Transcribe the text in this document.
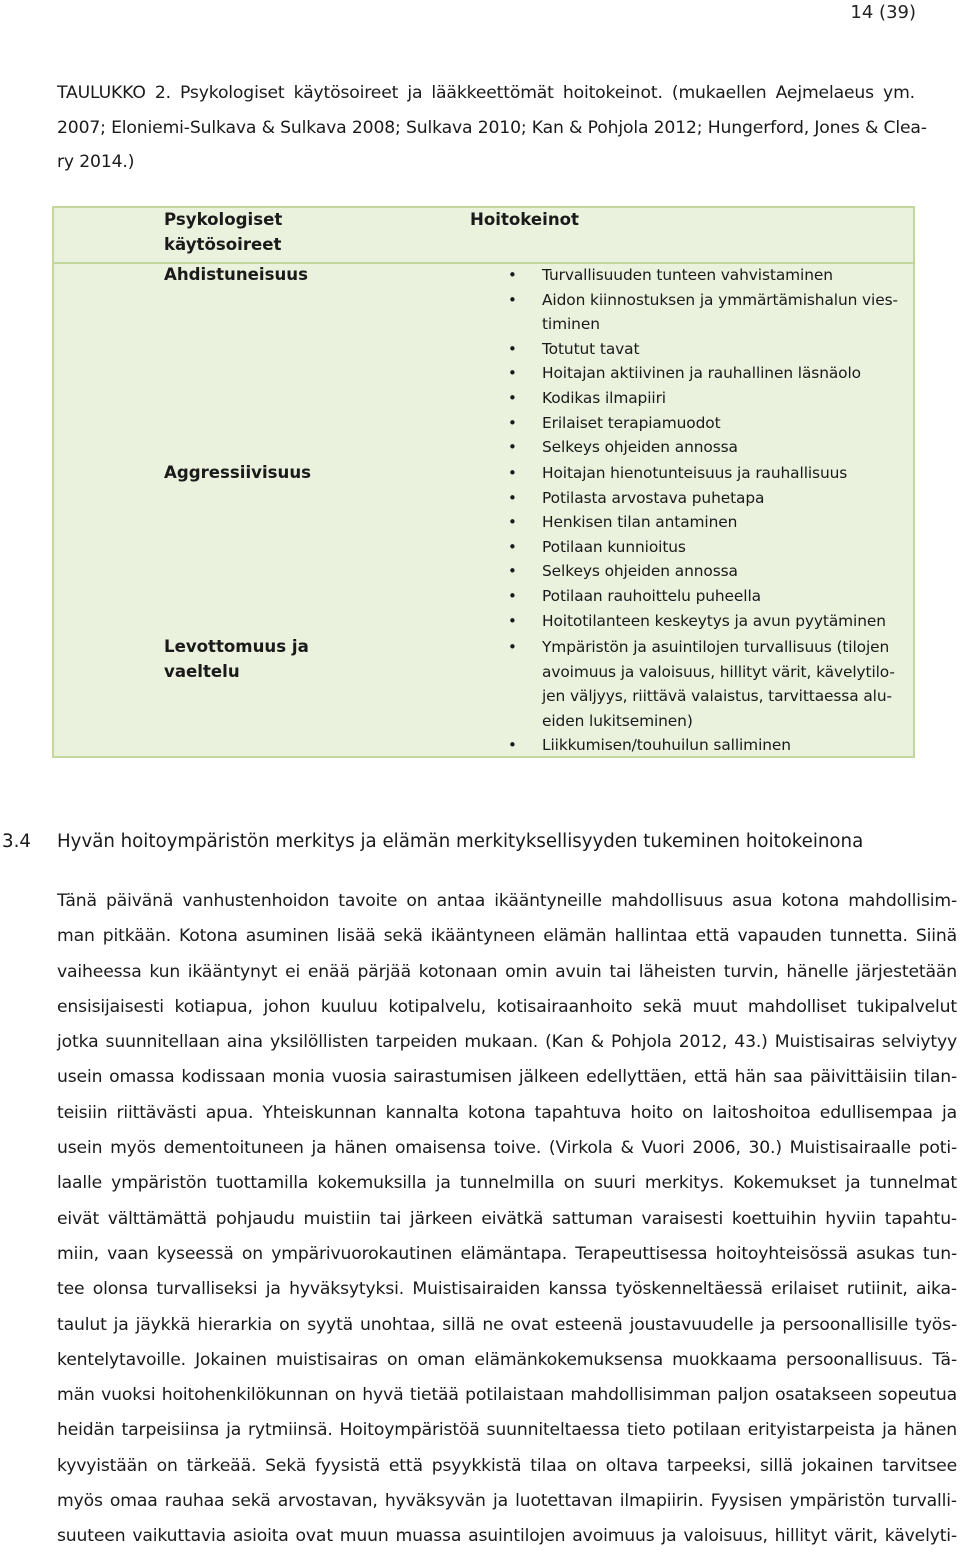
14 (39)
TAULUKKO 2. Psykologiset käytösoireet ja lääkkeettömät hoitokeinot. (mukaellen Aejmelaeus ym.
2007; Eloniemi-Sulkava & Sulkava 2008; Sulkava 2010; Kan & Pohjola 2012; Hungerford, Jones & Clea-
ry 2014.)
Psykologiset käytösoireet
Hoitokeinot
Ahdistuneisuus	• Turvallisuuden tunteen vahvistaminen
• Aidon kiinnostuksen ja ymmärtämishalun vies-timinen
• Totutut tavat
• Hoitajan aktiivinen ja rauhallinen läsnäolo
• Kodikas ilmapiiri
• Erilaiset terapiamuodot
• Selkeys ohjeiden annossa
Aggressiivisuus	• Hoitajan hienotunteisuus ja rauhallisuus
• Potilasta arvostava puhetapa
• Henkisen tilan antaminen
• Potilaan kunnioitus
• Selkeys ohjeiden annossa
• Potilaan rauhoittelu puheella
• Hoitotilanteen keskeytys ja avun pyytäminen
Levottomuus ja vaeltelu
• Ympäristön ja asuintilojen turvallisuus (tilojen avoimuus ja valoisuus, hillityt värit, kävelytilo-jen väljyys, riittävä valaistus, tarvittaessa alu-eiden lukitseminen)
• Liikkumisen/touhuilun salliminen
3.4 Hyvän hoitoympäristön merkitys ja elämän merkityksellisyyden tukeminen hoitokeinona
Tänä päivänä vanhustenhoidon tavoite on antaa ikääntyneille mahdollisuus asua kotona mahdollisim-
man pitkään. Kotona asuminen lisää sekä ikääntyneen elämän hallintaa että vapauden tunnetta. Siinä
vaiheessa kun ikääntynyt ei enää pärjää kotonaan omin avuin tai läheisten turvin, hänelle järjestetään
ensisijaisesti kotiapua, johon kuuluu kotipalvelu, kotisairaanhoito sekä muut mahdolliset tukipalvelut
jotka suunnitellaan aina yksilöllisten tarpeiden mukaan. (Kan & Pohjola 2012, 43.) Muistisairas selviytyy
usein omassa kodissaan monia vuosia sairastumisen jälkeen edellyttäen, että hän saa päivittäisiin tilan-
teisiin riittävästi apua. Yhteiskunnan kannalta kotona tapahtuva hoito on laitoshoitoa edullisempaa ja
usein myös dementoituneen ja hänen omaisensa toive. (Virkola & Vuori 2006, 30.) Muistisairaalle poti-
laalle ympäristön tuottamilla kokemuksilla ja tunnelmilla on suuri merkitys. Kokemukset ja tunnelmat
eivät välttämättä pohjaudu muistiin tai järkeen eivätkä sattuman varaisesti koettuihin hyviin tapahtu-
miin, vaan kyseessä on ympärivuorokautinen elämäntapa. Terapeuttisessa hoitoyhteisössä asukas tun-
tee olonsa turvalliseksi ja hyväksytyksi. Muistisairaiden kanssa työskenneltäessä erilaiset rutiinit, aika-
taulut ja jäykkä hierarkia on syytä unohtaa, sillä ne ovat esteenä joustavuudelle ja persoonallisille työs-
kentelytavoille. Jokainen muistisairas on oman elämänkokemuksensa muokkaama persoonallisuus. Tä-
män vuoksi hoitohenkilökunnan on hyvä tietää potilaistaan mahdollisimman paljon osatakseen sopeutua
heidän tarpeisiinsa ja rytmiinsä. Hoitoympäristöä suunniteltaessa tieto potilaan erityistarpeista ja hänen
kyvyistään on tärkeää. Sekä fyysistä että psyykkistä tilaa on oltava tarpeeksi, sillä jokainen tarvitsee
myös omaa rauhaa sekä arvostavan, hyväksyvän ja luotettavan ilmapiirin. Fyysisen ympäristön turvalli-
suuteen vaikuttavia asioita ovat muun muassa asuintilojen avoimuus ja valoisuus, hillityt värit, kävelyti-
